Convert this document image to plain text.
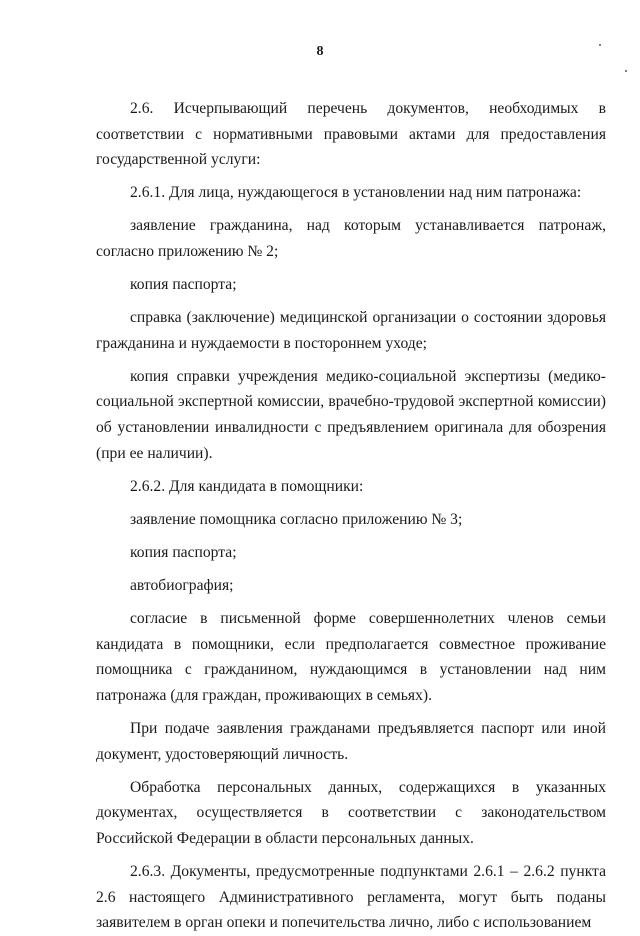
8

2.6. Исчерпывающий перечень документов, необходимых в соответствии с нормативными правовыми актами для предоставления государственной услуги:

2.6.1. Для лица, нуждающегося в установлении над ним патронажа:

заявление гражданина, над которым устанавливается патронаж, согласно приложению № 2;

копия паспорта;

справка (заключение) медицинской организации о состоянии здоровья гражданина и нуждаемости в постороннем уходе;

копия справки учреждения медико-социальной экспертизы (медико-социальной экспертной комиссии, врачебно-трудовой экспертной комиссии) об установлении инвалидности с предъявлением оригинала для обозрения (при ее наличии).

2.6.2. Для кандидата в помощники:

заявление помощника согласно приложению № 3;

копия паспорта;

автобиография;

согласие в письменной форме совершеннолетних членов семьи кандидата в помощники, если предполагается совместное проживание помощника с гражданином, нуждающимся в установлении над ним патронажа (для граждан, проживающих в семьях).

При подаче заявления гражданами предъявляется паспорт или иной документ, удостоверяющий личность.

Обработка персональных данных, содержащихся в указанных документах, осуществляется в соответствии с законодательством Российской Федерации в области персональных данных.

2.6.3. Документы, предусмотренные подпунктами 2.6.1 – 2.6.2 пункта 2.6 настоящего Административного регламента, могут быть поданы заявителем в орган опеки и попечительства лично, либо с использованием
